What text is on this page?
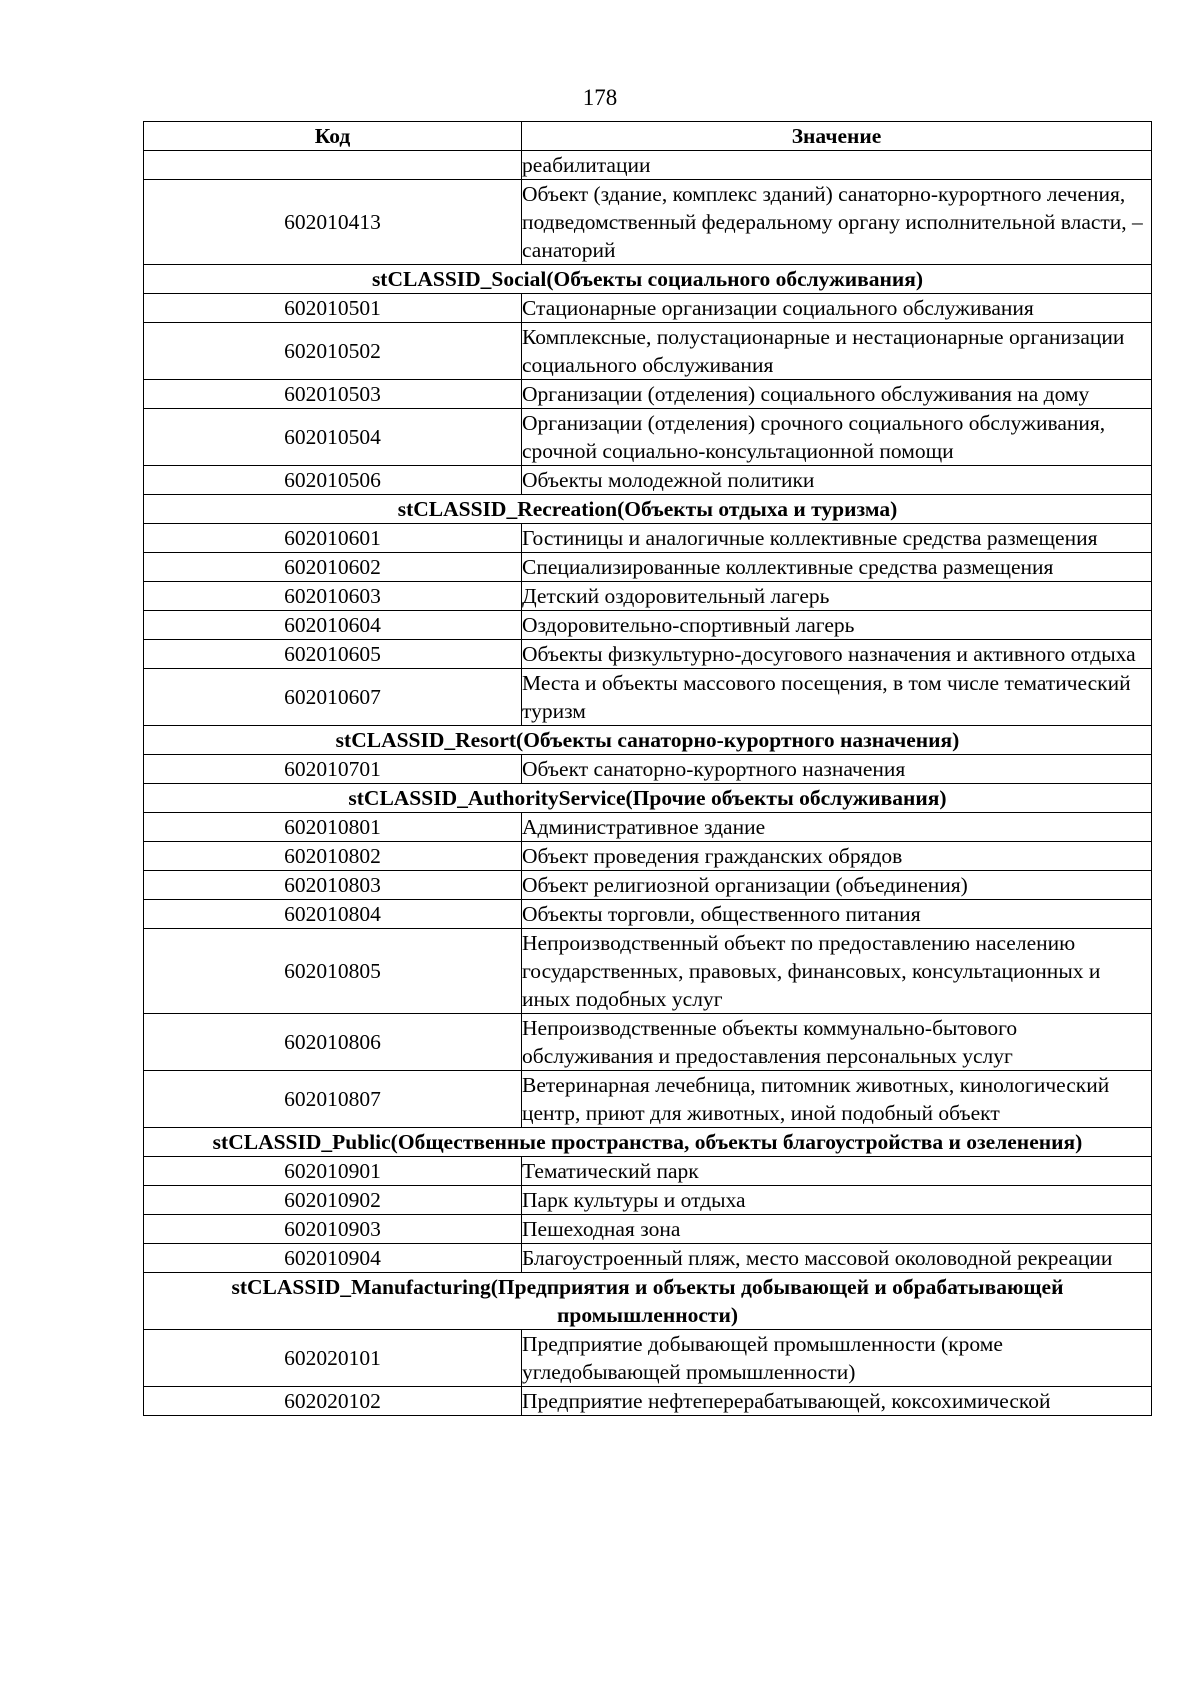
178
Код	Значение
	реабилитации
602010413	Объект (здание, комплекс зданий) санаторно-курортного лечения, подведомственный федеральному органу исполнительной власти, – санаторий
stCLASSID_Social(Объекты социального обслуживания)	
602010501	Стационарные организации социального обслуживания
602010502	Комплексные, полустационарные и нестационарные организации социального обслуживания
602010503	Организации (отделения) социального обслуживания на дому
602010504	Организации (отделения) срочного социального обслуживания, срочной социально-консультационной помощи
602010506	Объекты молодежной политики
stCLASSID_Recreation(Объекты отдыха и туризма)	
602010601	Гостиницы и аналогичные коллективные средства размещения
602010602	Специализированные коллективные средства размещения
602010603	Детский оздоровительный лагерь
602010604	Оздоровительно-спортивный лагерь
602010605	Объекты физкультурно-досугового назначения и активного отдыха
602010607	Места и объекты массового посещения, в том числе тематический туризм
stCLASSID_Resort(Объекты санаторно-курортного назначения)	
602010701	Объект санаторно-курортного назначения
stCLASSID_AuthorityService(Прочие объекты обслуживания)	
602010801	Административное здание
602010802	Объект проведения гражданских обрядов
602010803	Объект религиозной организации (объединения)
602010804	Объекты торговли, общественного питания
602010805	Непроизводственный объект по предоставлению населению государственных, правовых, финансовых, консультационных и иных подобных услуг
602010806	Непроизводственные объекты коммунально-бытового обслуживания и предоставления персональных услуг
602010807	Ветеринарная лечебница, питомник животных, кинологический центр, приют для животных, иной подобный объект
stCLASSID_Public(Общественные пространства, объекты благоустройства и озеленения)	
602010901	Тематический парк
602010902	Парк культуры и отдыха
602010903	Пешеходная зона
602010904	Благоустроенный пляж, место массовой околоводной рекреации
stCLASSID_Manufacturing(Предприятия и объекты добывающей и обрабатывающей промышленности)	
602020101	Предприятие добывающей промышленности (кроме угледобывающей промышленности)
602020102	Предприятие нефтеперерабатывающей, коксохимической
